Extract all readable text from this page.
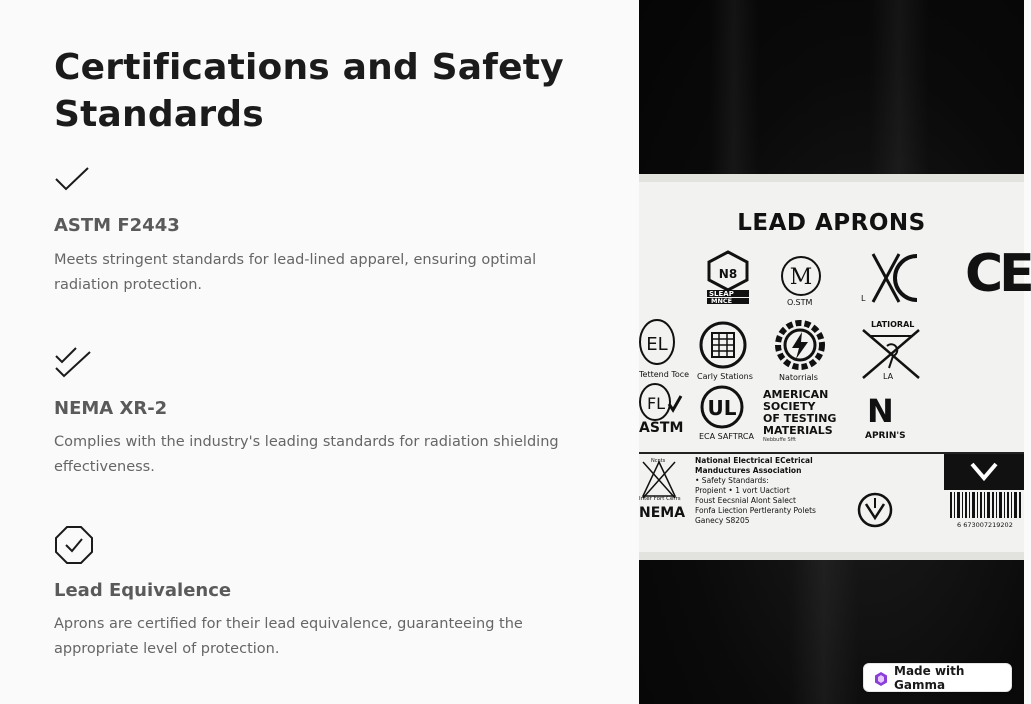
Certifications and Safety Standards
ASTM F2443

Meets stringent standards for lead-lined apparel, ensuring optimal radiation protection.

NEMA XR-2

Complies with the industry's leading standards for radiation shielding effectiveness.

Lead Equivalence

Aprons are certified for their lead equivalence, guaranteeing the appropriate level of protection.

LEAD APRONS
N8
SLEAP
MNCE
M
O.STM	L CE
EL
Tettend Toce Carly Stations	Natorrials
LATIORAL
LA
FL
ASTM
UL
ECA SAFTRCA
AMERICAN
SOCIETY
OF TESTING
MATERIALS
Nebbuffe Sfft
N
APRIN'S
Ncnts
Inter Fort Cerrs
NEMA
National Electrical ECetrical
Manductures Association
• Safety Standards:
Propient • 1 vort Uactiort
Foust Eecsnial Alont Salect
Fonfa Liection Pertleranty Polets
Ganecy S8205	6 673007219202
Made with Gamma
